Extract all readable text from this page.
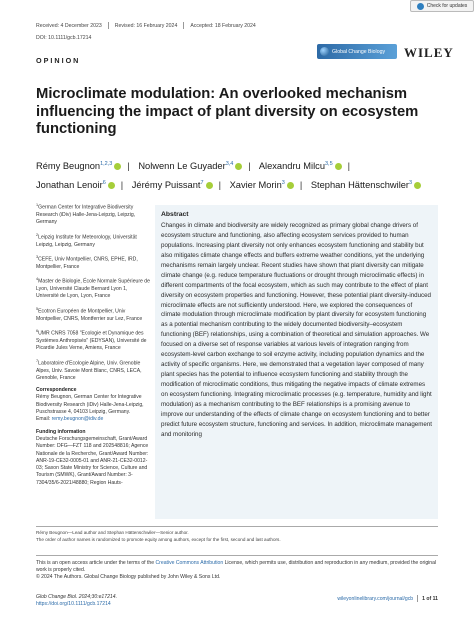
Received: 4 December 2023	Revised: 16 February 2024	Accepted: 18 February 2024
Check for updates
DOI: 10.1111/gcb.17214
OPINION
Global Change Biology WILEY
Microclimate modulation: An overlooked mechanism influencing the impact of plant diversity on ecosystem functioning
Rémy Beugnon$^{1,2,3}$ | Nolwenn Le Guyader$^{3,4}$ | Alexandru Milcu$^{3,5}$ |
Jonathan Lenoir$^6$ | Jérémy Puissant$^7$ | Xavier Morin$^3$ | Stephan Hättenschwiler$^3$

$^1$German Center for Integrative Biodiversity Research (iDiv) Halle-Jena-Leipzig, Leipzig, Germany

$^2$Leipzig Institute for Meteorology, Universität Leipzig, Leipzig, Germany

$^3$CEFE, Univ Montpellier, CNRS, EPHE, IRD, Montpellier, France

$^4$Master de Biologie, École Normale Supérieure de Lyon, Université Claude Bernard Lyon 1, Université de Lyon, Lyon, France

$^5$Ecotron Européen de Montpellier, Univ Montpellier, CNRS, Montferrier sur Lez, France

$^6$UMR CNRS 7058 "Ecologie et Dynamique des Systèmes Anthropisés" (EDYSAN), Université de Picardie Jules Verne, Amiens, France

$^7$Laboratoire d'Ecologie Alpine, Univ. Grenoble Alpes, Univ. Savoie Mont Blanc, CNRS, LECA, Grenoble, France

Correspondence
Rémy Beugnon, German Center for Integrative Biodiversity Research (iDiv) Halle-Jena-Leipzig, Puschstrasse 4, 04103 Leipzig, Germany.
Email: remy.beugnon@idiv.de

Funding information
Deutsche Forschungsgemeinschaft, Grant/Award Number: DFG—FZT 118 and 202548816; Agence Nationale de la Recherche, Grant/Award Number: ANR-19-CE32-0005-01 and ANR-21-CE32-0012-03; Saxon State Ministry for Science, Culture and Tourism (SMWK), Grant/Award Number: 3-7304/35/6-2021/48880; Region Hauts-

Abstract
Changes in climate and biodiversity are widely recognized as primary global change drivers of ecosystem structure and functioning, also affecting ecosystem services provided to human populations. Increasing plant diversity not only enhances ecosystem functioning and stability but also mitigates climate change effects and buffers extreme weather conditions, yet the underlying mechanisms remain largely unclear. Recent studies have shown that plant diversity can mitigate climate change (e.g. reduce temperature fluctuations or drought through microclimatic effects) in different compartments of the focal ecosystem, which as such may contribute to the effect of plant diversity on ecosystem properties and functioning. However, these potential plant diversity-induced microclimate effects are not sufficiently understood. Here, we explored the consequences of climate modulation through microclimate modification by plant diversity for ecosystem functioning as a potential mechanism contributing to the widely documented biodiversity–ecosystem functioning (BEF) relationships, using a combination of theoretical and simulation approaches. We focused on a diverse set of response variables at various levels of integration ranging from ecosystem-level carbon exchange to soil enzyme activity, including population dynamics and the activity of specific organisms. Here, we demonstrated that a vegetation layer composed of many plant species has the potential to influence ecosystem functioning and stability through the modification of microclimatic conditions, thus mitigating the negative impacts of climate extremes on ecosystem functioning. Integrating microclimatic processes (e.g. temperature, humidity and light modulation) as a mechanism contributing to the BEF relationships is a promising avenue to improve our understanding of the effects of climate change on ecosystem functioning and to better predict future ecosystem structure, functioning and services. In addition, microclimate management and monitoring
Rémy Beugnon—Lead author and Stephan Hättenschwiler—Senior author.
The order of author names is randomized to promote equity among authors, except for the first, second and last authors.
This is an open access article under the terms of the Creative Commons Attribution License, which permits use, distribution and reproduction in any medium, provided the original work is properly cited.
© 2024 The Authors. Global Change Biology published by John Wiley & Sons Ltd.
Glob Change Biol. 2024;30:e17214.
https://doi.org/10.1111/gcb.17214
wileyonlinelibrary.com/journal/gcb 1 of 11
